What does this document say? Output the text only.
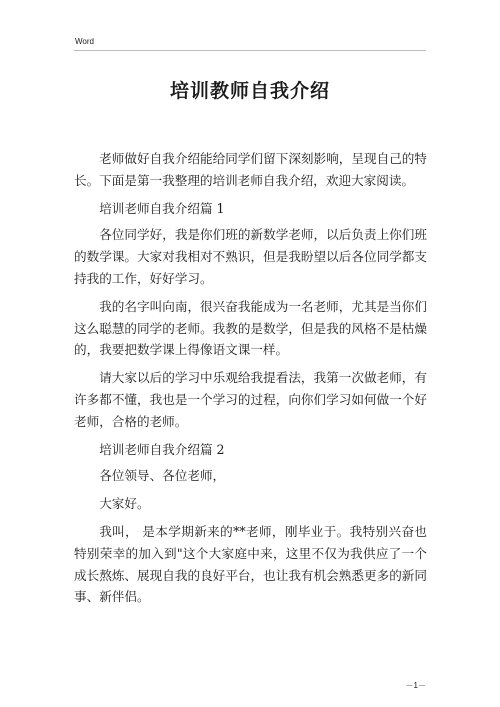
Word
培训教师自我介绍

老师做好自我介绍能给同学们留下深刻影响，呈现自己的特长。下面是第一我整理的培训老师自我介绍，欢迎大家阅读。

培训老师自我介绍篇 1

各位同学好，我是你们班的新数学老师，以后负责上你们班的数学课。大家对我相对不熟识，但是我盼望以后各位同学都支持我的工作，好好学习。

我的名字叫向南，很兴奋我能成为一名老师，尤其是当你们这么聪慧的同学的老师。我教的是数学，但是我的风格不是枯燥的，我要把数学课上得像语文课一样。

请大家以后的学习中乐观给我提看法，我第一次做老师，有许多都不懂，我也是一个学习的过程，向你们学习如何做一个好老师，合格的老师。

培训老师自我介绍篇 2

各位领导、各位老师，

大家好。

我叫， 是本学期新来的**老师，刚毕业于。我特别兴奋也特别荣幸的加入到"这个大家庭中来，这里不仅为我供应了一个成长熬炼、展现自我的良好平台，也让我有机会熟悉更多的新同事、新伴侣。

－1－
